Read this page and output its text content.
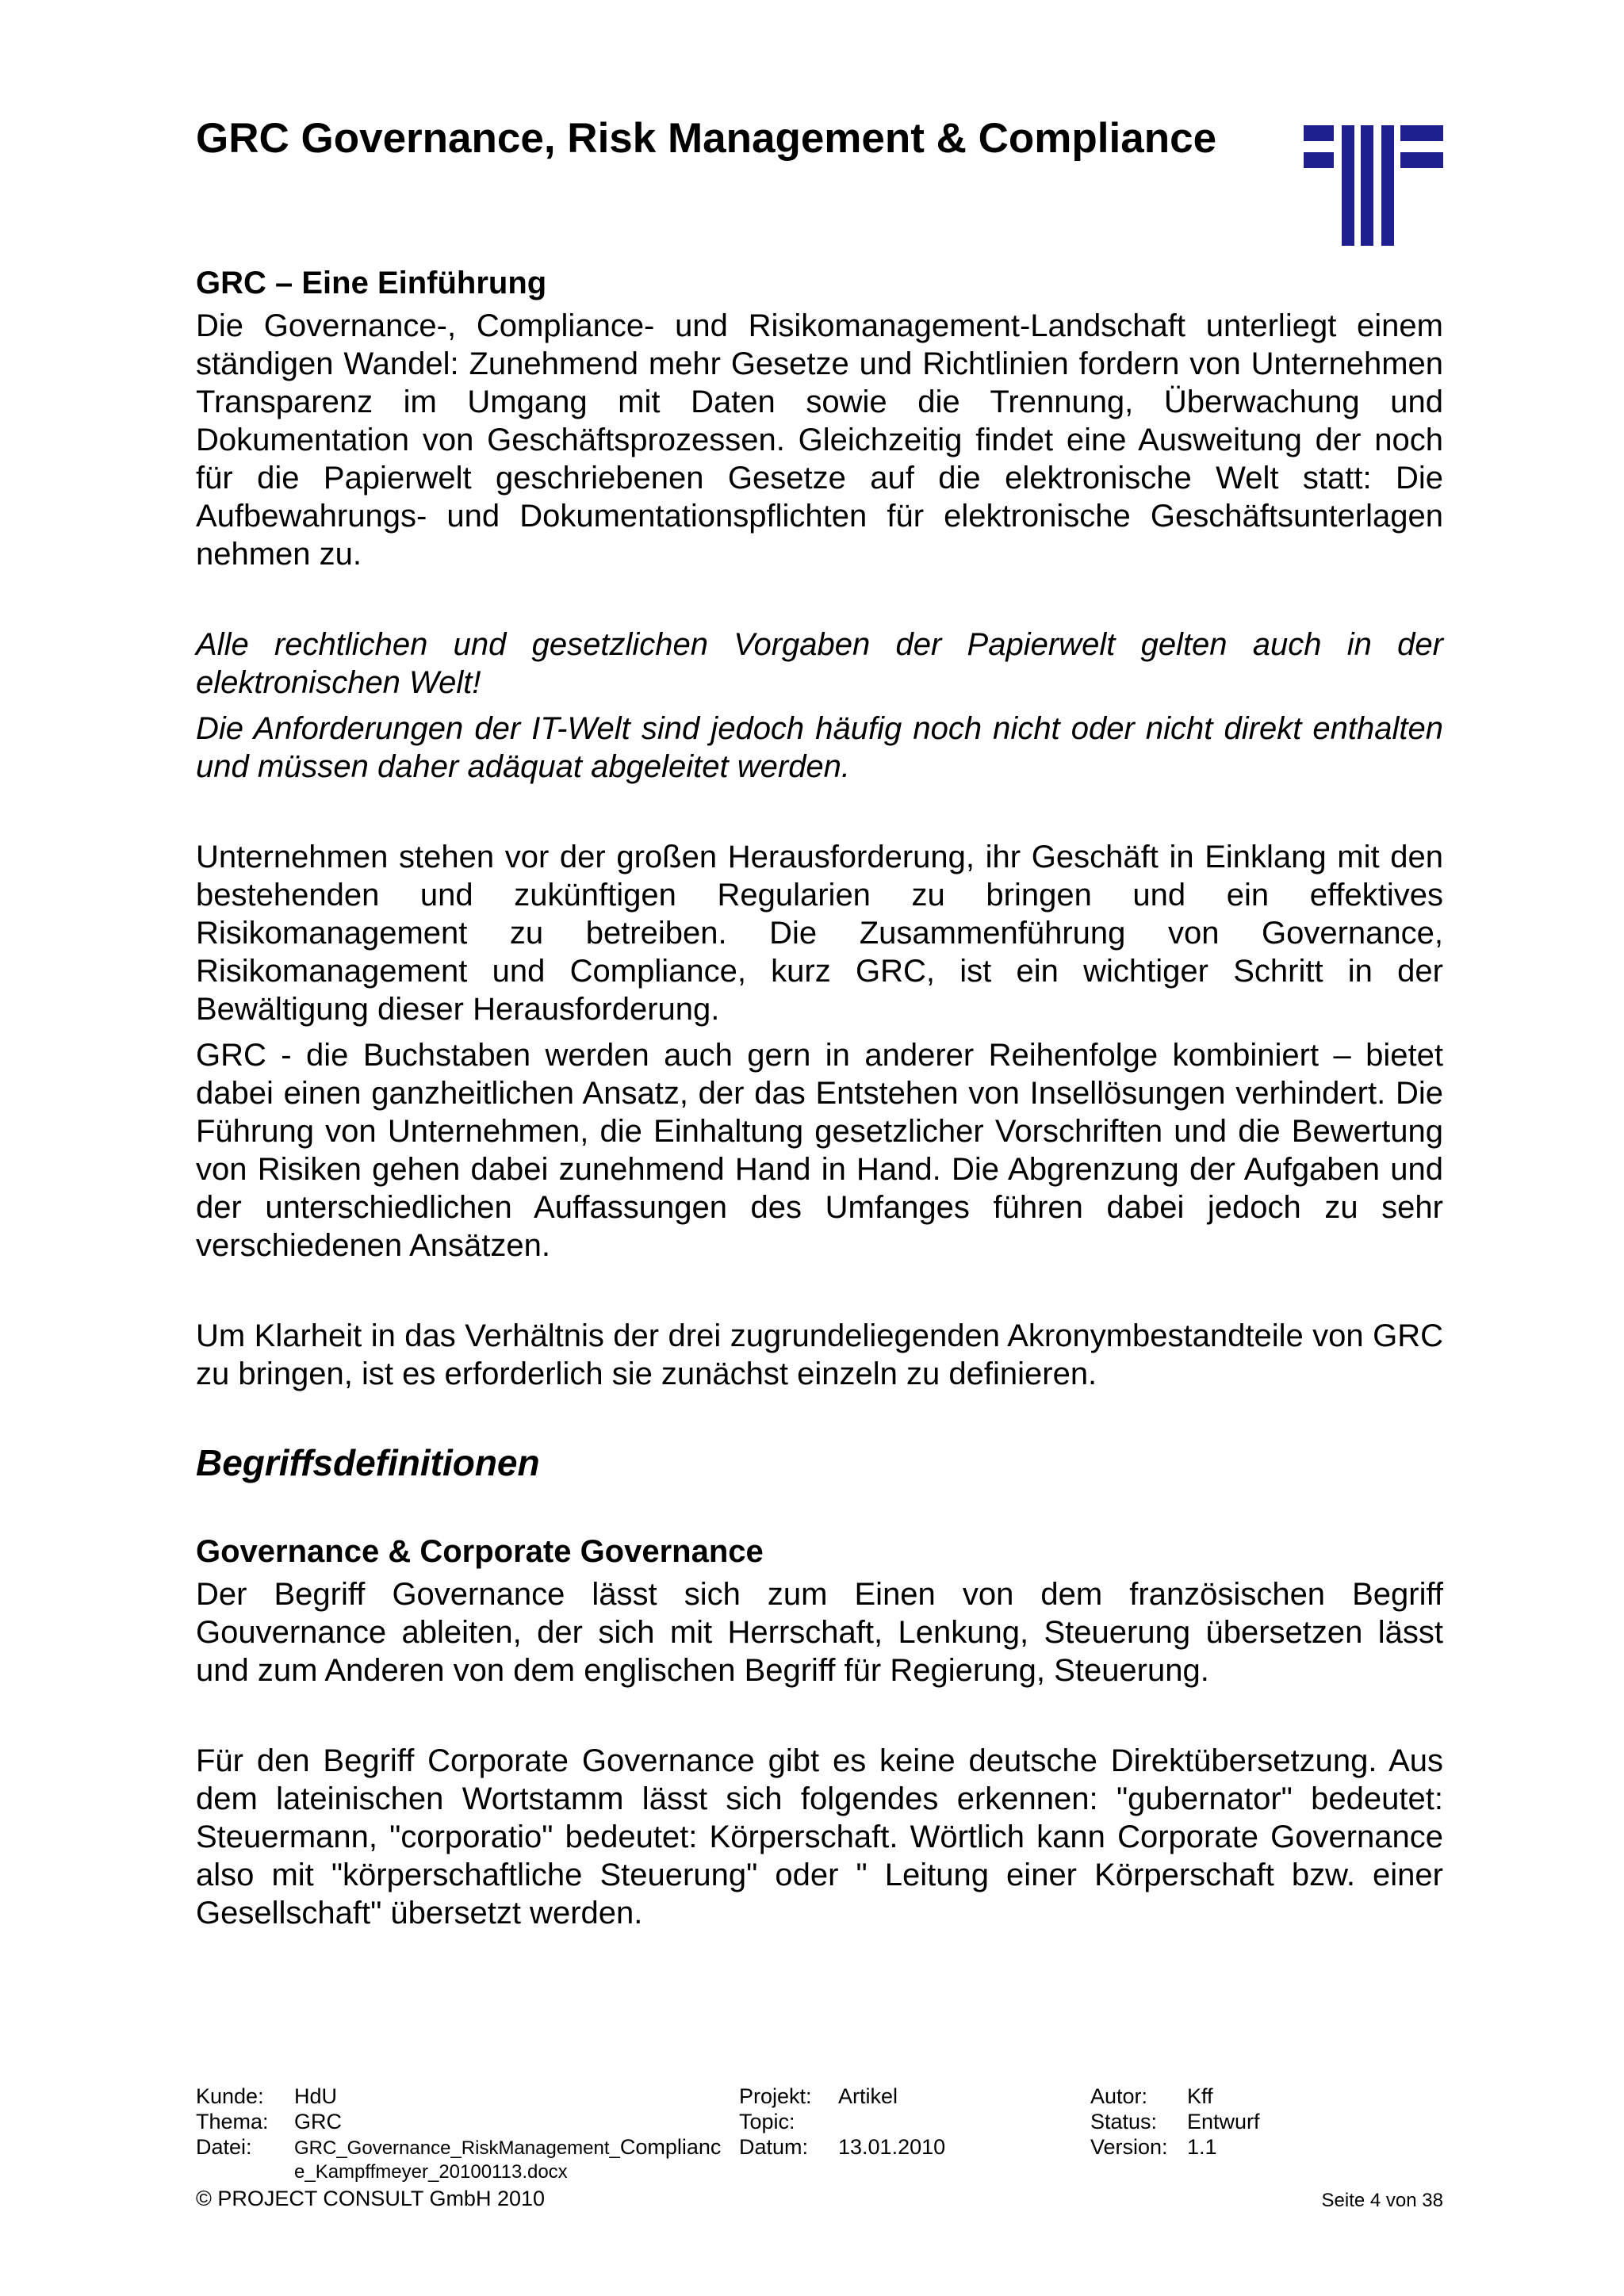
GRC Governance, Risk Management & Compliance

GRC – Eine Einführung

Die Governance-, Compliance- und Risikomanagement-Landschaft unterliegt einem ständigen Wandel: Zunehmend mehr Gesetze und Richtlinien fordern von Unternehmen Transparenz im Umgang mit Daten sowie die Trennung, Überwachung und Dokumentation von Geschäftsprozessen. Gleichzeitig findet eine Ausweitung der noch für die Papierwelt geschriebenen Gesetze auf die elektronische Welt statt: Die Aufbewahrungs- und Dokumentationspflichten für elektronische Geschäftsunterlagen nehmen zu.

Alle rechtlichen und gesetzlichen Vorgaben der Papierwelt gelten auch in der elektronischen Welt!

Die Anforderungen der IT-Welt sind jedoch häufig noch nicht oder nicht direkt enthalten und müssen daher adäquat abgeleitet werden.

Unternehmen stehen vor der großen Herausforderung, ihr Geschäft in Einklang mit den bestehenden und zukünftigen Regularien zu bringen und ein effektives Risikomanagement zu betreiben. Die Zusammenführung von Governance, Risikomanagement und Compliance, kurz GRC, ist ein wichtiger Schritt in der Bewältigung dieser Herausforderung.

GRC - die Buchstaben werden auch gern in anderer Reihenfolge kombiniert – bietet dabei einen ganzheitlichen Ansatz, der das Entstehen von Insellösungen verhindert. Die Führung von Unternehmen, die Einhaltung gesetzlicher Vorschriften und die Bewertung von Risiken gehen dabei zunehmend Hand in Hand. Die Abgrenzung der Aufgaben und der unterschiedlichen Auffassungen des Umfanges führen dabei jedoch zu sehr verschiedenen Ansätzen.

Um Klarheit in das Verhältnis der drei zugrundeliegenden Akronymbestandteile von GRC zu bringen, ist es erforderlich sie zunächst einzeln zu definieren.

Begriffsdefinitionen

Governance & Corporate Governance

Der Begriff Governance lässt sich zum Einen von dem französischen Begriff Gouvernance ableiten, der sich mit Herrschaft, Lenkung, Steuerung übersetzen lässt und zum Anderen von dem englischen Begriff für Regierung, Steuerung.

Für den Begriff Corporate Governance gibt es keine deutsche Direktübersetzung. Aus dem lateinischen Wortstamm lässt sich folgendes erkennen: "gubernator" bedeutet: Steuermann, "corporatio" bedeutet: Körperschaft. Wörtlich kann Corporate Governance also mit "körperschaftliche Steuerung" oder " Leitung einer Körperschaft bzw. einer Gesellschaft" übersetzt werden.

Kunde:
Thema:
Datei:
HdU
GRC
GRC_Governance_RiskManagement_Complianc
e_Kampffmeyer_20100113.docx
Projekt:
Topic:
Datum:
Artikel
13.01.2010
Autor:
Status:
Version:
Kff
Entwurf
1.1
© PROJECT CONSULT GmbH 2010	Seite 4 von 38
